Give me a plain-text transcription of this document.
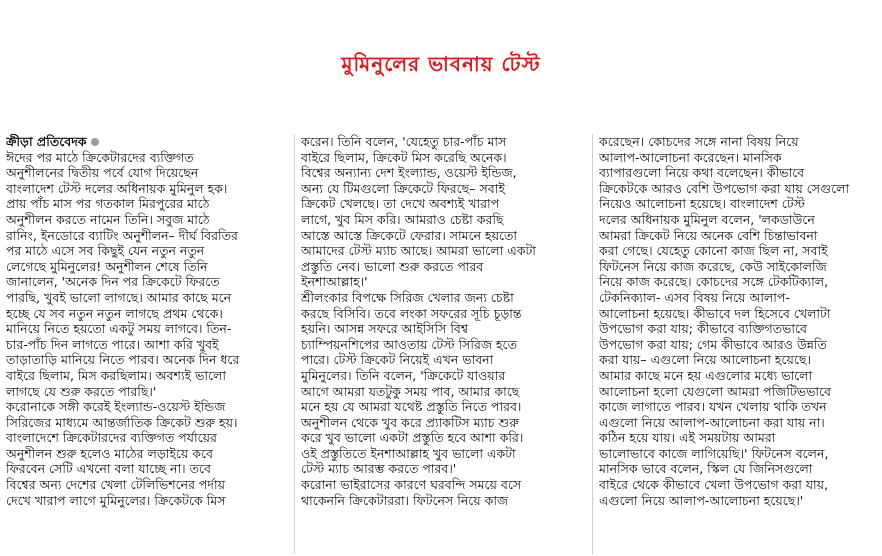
মুমিনুলের ভাবনায় টেস্ট
ক্রীড়া প্রতিবেদক
ঈদের পর মাঠে ক্রিকেটারদের ব্যক্তিগত
অনুশীলনের দ্বিতীয় পর্বে যোগ দিয়েছেন
বাংলাদেশ টেস্ট দলের অধিনায়ক মুমিনুল হক।
প্রায় পাঁচ মাস পর গতকাল মিরপুরের মাঠে
অনুশীলন করতে নামেন তিনি। সবুজ মাঠে
রানিং, ইনডোরে ব্যাটিং অনুশীলন– দীর্ঘ বিরতির
পর মাঠে এসে সব কিছুই যেন নতুন নতুন
লেগেছে মুমিনুলের! অনুশীলন শেষে তিনি
জানালেন, 'অনেক দিন পর ক্রিকেটে ফিরতে
পারছি, খুবই ভালো লাগছে। আমার কাছে মনে
হচ্ছে যে সব নতুন নতুন লাগছে প্রথম থেকে।
মানিয়ে নিতে হয়তো একটু সময় লাগবে। তিন-
চার-পাঁচ দিন লাগতে পারে। আশা করি খুবই
তাড়াতাড়ি মানিয়ে নিতে পারব। অনেক দিন ধরে
বাইরে ছিলাম, মিস করছিলাম। অবশ্যই ভালো
লাগছে যে শুরু করতে পারছি।'
করোনাকে সঙ্গী করেই ইংল্যান্ড-ওয়েস্ট ইন্ডিজ
সিরিজের মাধ্যমে আন্তর্জাতিক ক্রিকেট শুরু হয়।
বাংলাদেশে ক্রিকেটারদের ব্যক্তিগত পর্যায়ের
অনুশীলন শুরু হলেও মাঠের লড়াইয়ে কবে
ফিরবেন সেটি এখনো বলা যাচ্ছে না। তবে
বিশ্বের অন্য দেশের খেলা টেলিভিশনের পর্দায়
দেখে খারাপ লাগে মুমিনুলের। ক্রিকেটকে মিস
করেন। তিনি বলেন, 'যেহেতু চার-পাঁচ মাস
বাইরে ছিলাম, ক্রিকেট মিস করেছি অনেক।
বিশ্বের অন্যান্য দেশ ইংল্যান্ড, ওয়েস্ট ইন্ডিজ,
অন্য যে টিমগুলো ক্রিকেটে ফিরছে– সবাই
ক্রিকেট খেলছে। তা দেখে অবশ্যই খারাপ
লাগে, খুব মিস করি। আমরাও চেষ্টা করছি
আস্তে আস্তে ক্রিকেটে ফেরার। সামনে হয়তো
আমাদের টেস্ট ম্যাচ আছে। আমরা ভালো একটা
প্রস্তুতি নেব। ভালো শুরু করতে পারব
ইনশাআল্লাহ।'
শ্রীলংকার বিপক্ষে সিরিজ খেলার জন্য চেষ্টা
করছে বিসিবি। তবে লংকা সফরের সূচি চূড়ান্ত
হয়নি। আসন্ন সফরে আইসিসি বিশ্ব
চ্যাম্পিয়নশিপের আওতায় টেস্ট সিরিজ হতে
পারে। টেস্ট ক্রিকেট নিয়েই এখন ভাবনা
মুমিনুলের। তিনি বলেন, 'ক্রিকেটে যাওয়ার
আগে আমরা যতটুকু সময় পাব, আমার কাছে
মনে হয় যে আমরা যথেষ্ট প্রস্তুতি নিতে পারব।
অনুশীলন থেকে খুব করে প্র্যাকটিস ম্যাচ শুরু
করে খুব ভালো একটা প্রস্তুতি হবে আশা করি।
ওই প্রস্তুতিতে ইনশাআল্লাহ খুব ভালো একটা
টেস্ট ম্যাচ আরম্ভ করতে পারব।'
করোনা ভাইরাসের কারণে ঘরবন্দি সময়ে বসে
থাকেননি ক্রিকেটাররা। ফিটনেস নিয়ে কাজ
করেছেন। কোচদের সঙ্গে নানা বিষয় নিয়ে
আলাপ-আলোচনা করেছেন। মানসিক
ব্যাপারগুলো নিয়ে কথা বলেছেন। কীভাবে
ক্রিকেটকে আরও বেশি উপভোগ করা যায় সেগুলো
নিয়েও আলোচনা হয়েছে। বাংলাদেশ টেস্ট
দলের অধিনায়ক মুমিনুল বলেন, 'লকডাউনে
আমরা ক্রিকেট নিয়ে অনেক বেশি চিন্তাভাবনা
করা গেছে। যেহেতু কোনো কাজ ছিল না, সবাই
ফিটনেস নিয়ে কাজ করেছে, কেউ সাইকোলজি
নিয়ে কাজ করেছে। কোচদের সঙ্গে টেকটিক্যাল,
টেকনিক্যাল- এসব বিষয় নিয়ে আলাপ-
আলোচনা হয়েছে। কীভাবে দল হিসেবে খেলাটা
উপভোগ করা যায়; কীভাবে ব্যক্তিগতভাবে
উপভোগ করা যায়; গেম কীভাবে আরও উন্নতি
করা যায়– এগুলো নিয়ে আলোচনা হয়েছে।
আমার কাছে মনে হয় এগুলোর মধ্যে ভালো
আলোচনা হলো যেগুলো আমরা পজিটিভভাবে
কাজে লাগাতে পারব। যখন খেলায় থাকি তখন
এগুলো নিয়ে আলাপ-আলোচনা করা যায় না।
কঠিন হয়ে যায়। এই সময়টায় আমরা
ভালোভাবে কাজে লাগিয়েছি।' ফিটনেস বলেন,
মানসিক ভাবে বলেন, স্কিল যে জিনিসগুলো
বাইরে থেকে কীভাবে খেলা উপভোগ করা যায়,
এগুলো নিয়ে আলাপ-আলোচনা হয়েছে।'
